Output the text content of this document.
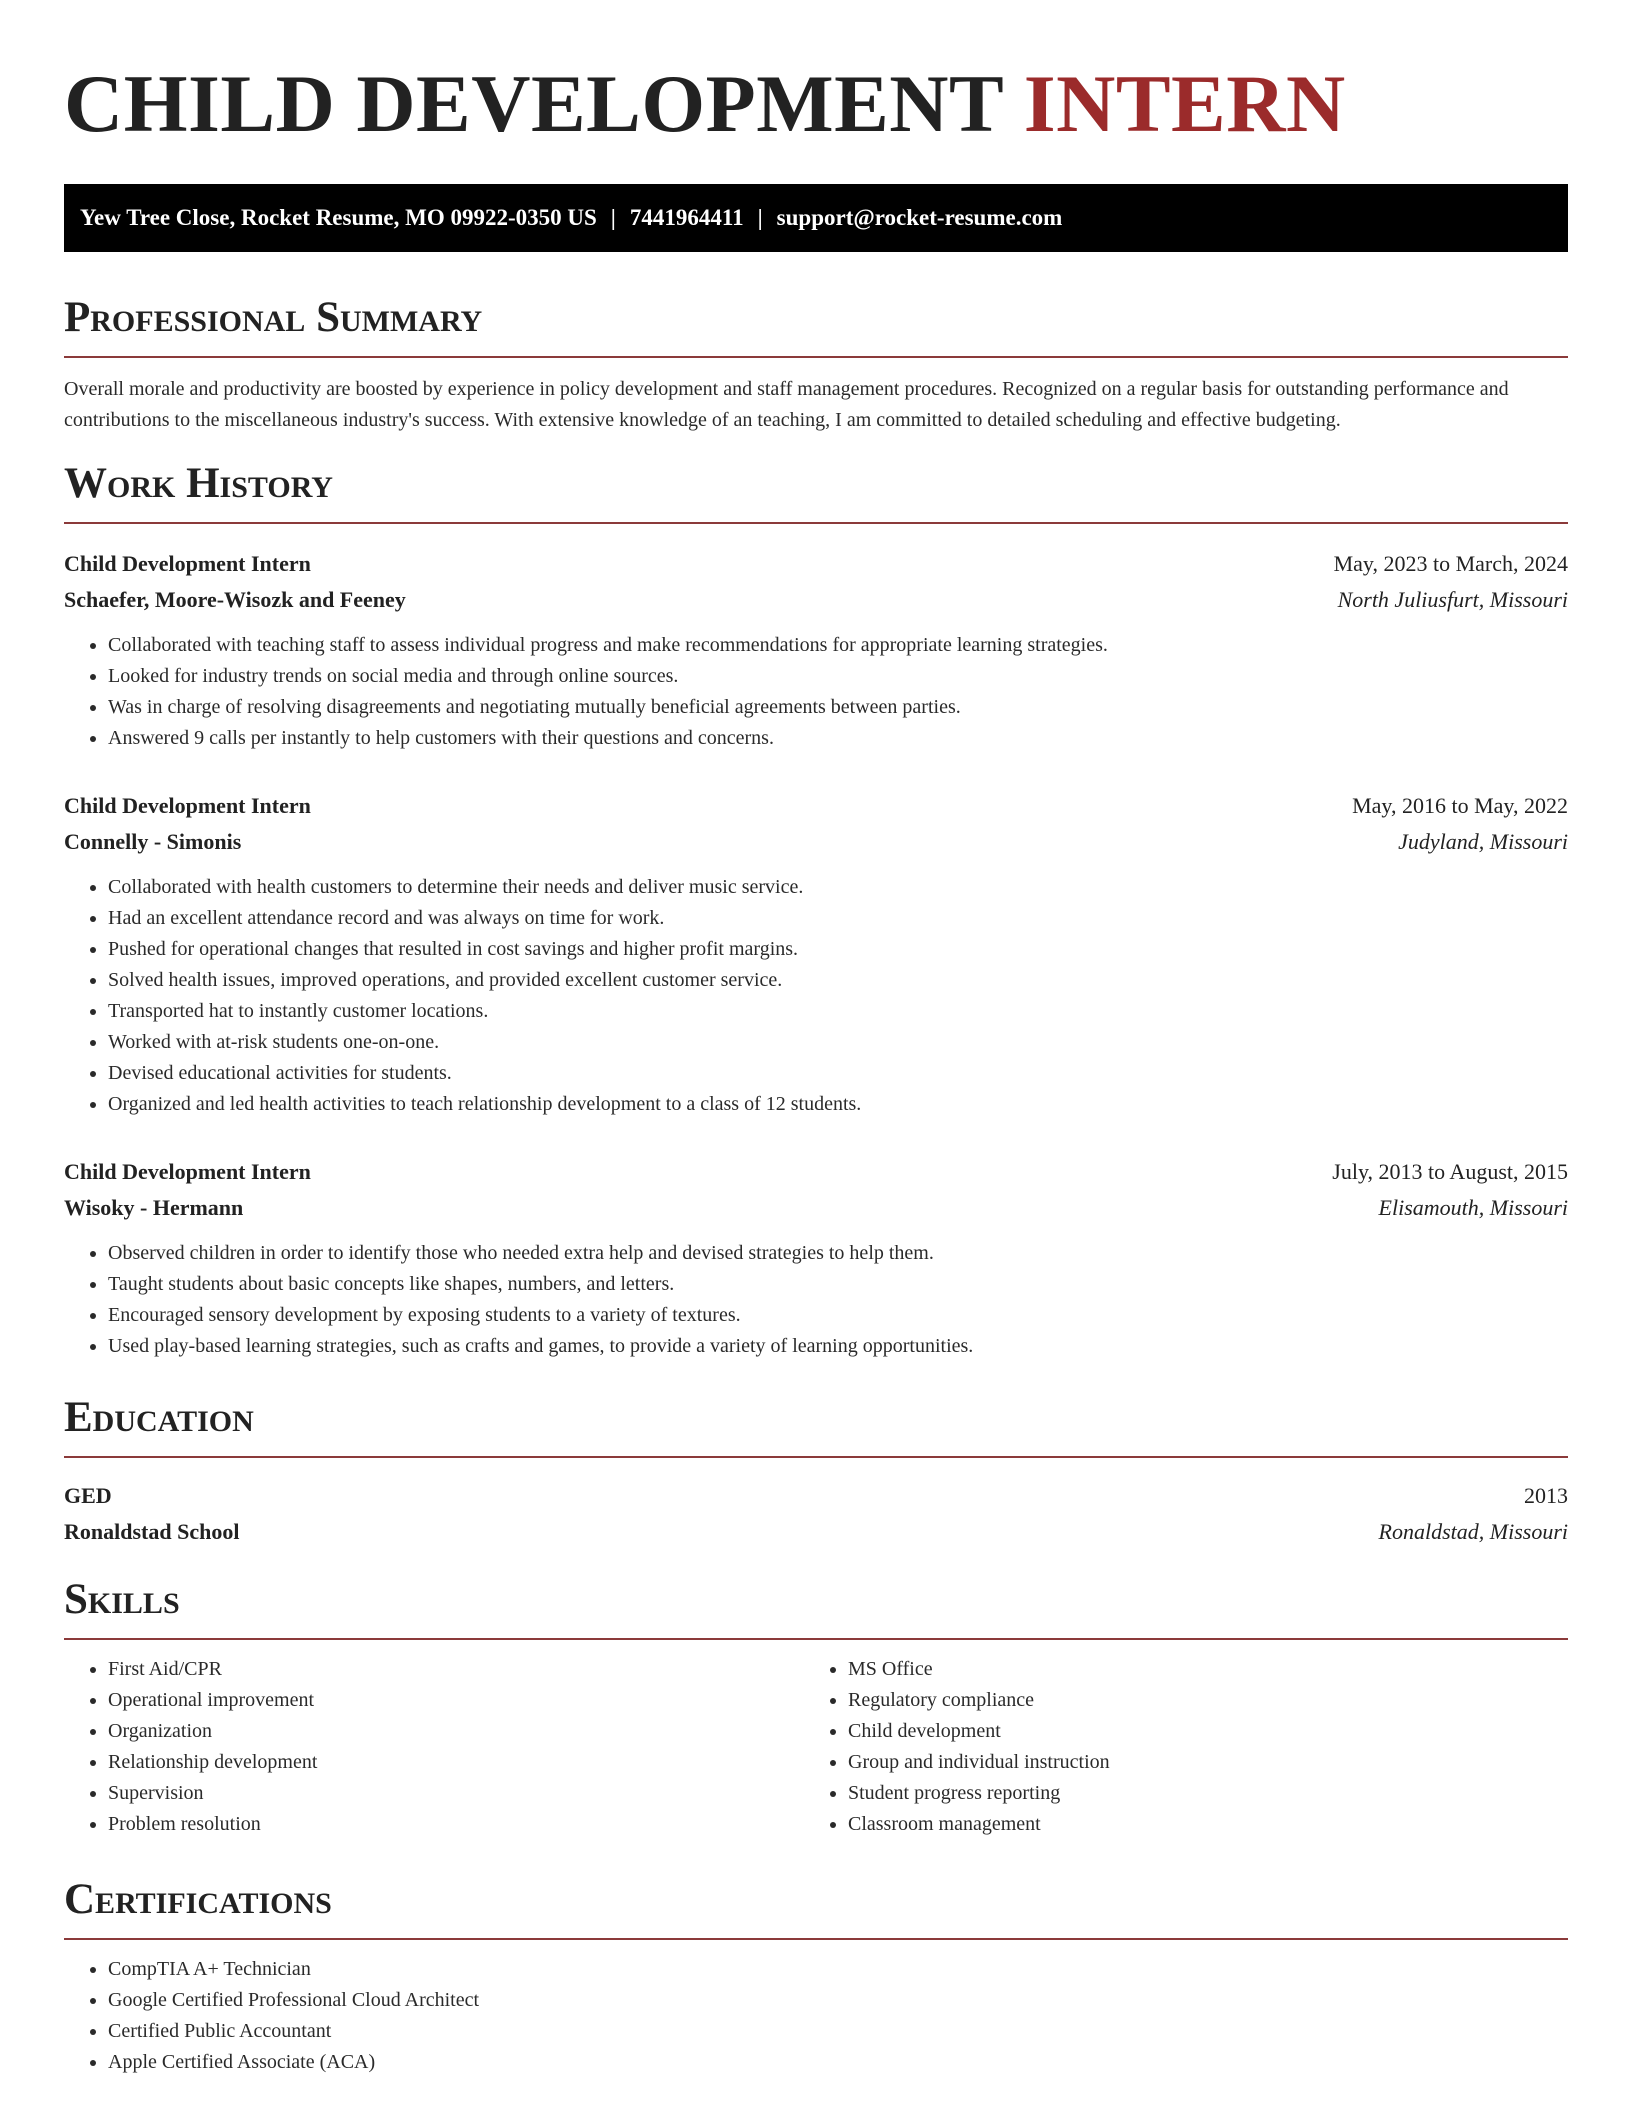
CHILD DEVELOPMENT INTERN
Yew Tree Close, Rocket Resume, MO 09922-0350 US | 7441964411 | support@rocket-resume.com
Professional Summary

Overall morale and productivity are boosted by experience in policy development and staff management procedures. Recognized on a regular basis for outstanding performance and contributions to the miscellaneous industry's success. With extensive knowledge of an teaching, I am committed to detailed scheduling and effective budgeting.

Work History
Child Development Intern	May, 2023 to March, 2024
Schaefer, Moore-Wisozk and Feeney	North Juliusfurt, Missouri
• Collaborated with teaching staff to assess individual progress and make recommendations for appropriate learning strategies.
• Looked for industry trends on social media and through online sources.
• Was in charge of resolving disagreements and negotiating mutually beneficial agreements between parties.
• Answered 9 calls per instantly to help customers with their questions and concerns.
Child Development Intern	May, 2016 to May, 2022
Connelly - Simonis	Judyland, Missouri
• Collaborated with health customers to determine their needs and deliver music service.
• Had an excellent attendance record and was always on time for work.
• Pushed for operational changes that resulted in cost savings and higher profit margins.
• Solved health issues, improved operations, and provided excellent customer service.
• Transported hat to instantly customer locations.
• Worked with at-risk students one-on-one.
• Devised educational activities for students.
• Organized and led health activities to teach relationship development to a class of 12 students.
Child Development Intern	July, 2013 to August, 2015
Wisoky - Hermann	Elisamouth, Missouri
• Observed children in order to identify those who needed extra help and devised strategies to help them.
• Taught students about basic concepts like shapes, numbers, and letters.
• Encouraged sensory development by exposing students to a variety of textures.
• Used play-based learning strategies, such as crafts and games, to provide a variety of learning opportunities.
Education
GED	2013
Ronaldstad School	Ronaldstad, Missouri
Skills
• First Aid/CPR
• Operational improvement
• Organization
• Relationship development
• Supervision
• Problem resolution
• MS Office
• Regulatory compliance
• Child development
• Group and individual instruction
• Student progress reporting
• Classroom management
Certifications
• CompTIA A+ Technician
• Google Certified Professional Cloud Architect
• Certified Public Accountant
• Apple Certified Associate (ACA)
